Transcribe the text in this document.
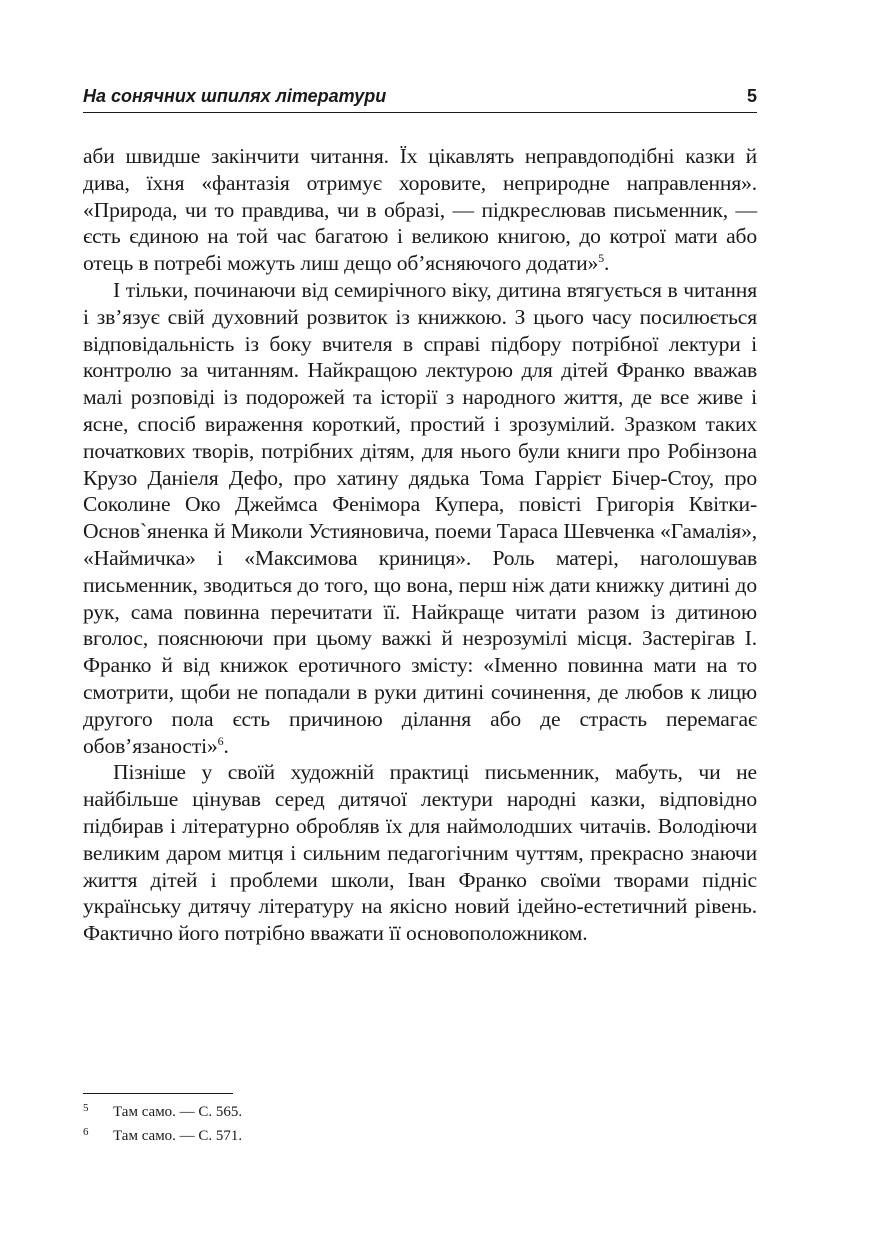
На сонячних шпилях літератури	5

аби швидше закінчити читання. Їх цікавлять неправдоподібні казки й дива, їхня «фантазія отримує хоровите, неприродне направлення». «Природа, чи то правдива, чи в образі, — підкреслював письменник, — єсть єдиною на той час багатою і великою книгою, до котрої мати або отець в потребі можуть лиш дещо об’ясняючого додати»$^5$.

І тільки, починаючи від семирічного віку, дитина втягується в читання і зв’язує свій духовний розвиток із книжкою. З цього часу посилюється відповідальність із боку вчителя в справі підбору потрібної лектури і контролю за читанням. Найкращою лектурою для дітей Франко вважав малі розповіді із подорожей та історії з народного життя, де все живе і ясне, спосіб вираження короткий, простий і зрозумілий. Зразком таких початкових творів, потрібних дітям, для нього були книги про Робінзона Крузо Даніеля Дефо, про хатину дядька Тома Гаррієт Бічер-Стоу, про Соколине Око Джеймса Фенімора Купера, повісті Григорія Квітки-Основ`яненка й Миколи Устияновича, поеми Тараса Шевченка «Гамалія», «Наймичка» і «Максимова криниця». Роль матері, наголошував письменник, зводиться до того, що вона, перш ніж дати книжку дитині до рук, сама повинна перечитати її. Найкраще читати разом із дитиною вголос, пояснюючи при цьому важкі й незрозумілі місця. Застерігав І. Франко й від книжок еротичного змісту: «Іменно повинна мати на то смотрити, щоби не попадали в руки дитині сочинення, де любов к лицю другого пола єсть причиною ділання або де страсть перемагає обов’язаності»$^6$.

Пізніше у своїй художній практиці письменник, мабуть, чи не найбільше цінував серед дитячої лектури народні казки, відповідно підбирав і літературно обробляв їх для наймолодших читачів. Володіючи великим даром митця і сильним педагогічним чуттям, прекрасно знаючи життя дітей і проблеми школи, Іван Франко своїми творами підніс українську дитячу літературу на якісно новий ідейно-естетичний рівень. Фактично його потрібно вважати її основоположником.

5 Там само. — С. 565.
6 Там само. — С. 571.
